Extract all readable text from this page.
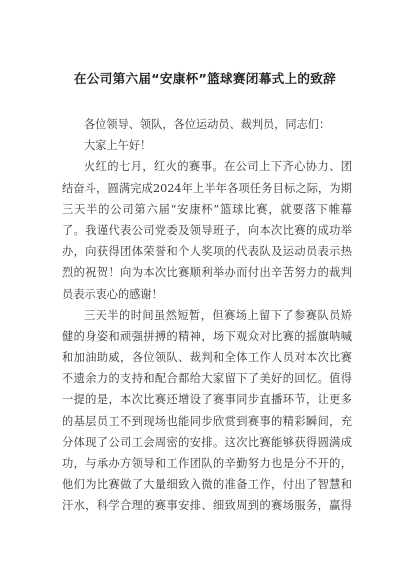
在公司第六届“安康杯”篮球赛闭幕式上的致辞
各位领导、领队，各位运动员、裁判员，同志们：
大家上午好！
火红的七月，红火的赛事。在公司上下齐心协力、团
结奋斗，圆满完成2024年上半年各项任务目标之际，为期
三天半的公司第六届“安康杯”篮球比赛，就要落下帷幕
了。我谨代表公司党委及领导班子，向本次比赛的成功举
办，向获得团体荣誉和个人奖项的代表队及运动员表示热
烈的祝贺！向为本次比赛顺利举办而付出辛苦努力的裁判
员表示衷心的感谢！
三天半的时间虽然短暂，但赛场上留下了参赛队员矫
健的身姿和顽强拼搏的精神，场下观众对比赛的摇旗呐喊
和加油助威，各位领队、裁判和全体工作人员对本次比赛
不遗余力的支持和配合都给大家留下了美好的回忆。值得
一提的是，本次比赛还增设了赛事同步直播环节，让更多
的基层员工不到现场也能同步欣赏到赛事的精彩瞬间，充
分体现了公司工会周密的安排。这次比赛能够获得圆满成
功，与承办方领导和工作团队的辛勤努力也是分不开的，
他们为比赛做了大量细致入微的准备工作，付出了智慧和
汗水，科学合理的赛事安排、细致周到的赛场服务，赢得
